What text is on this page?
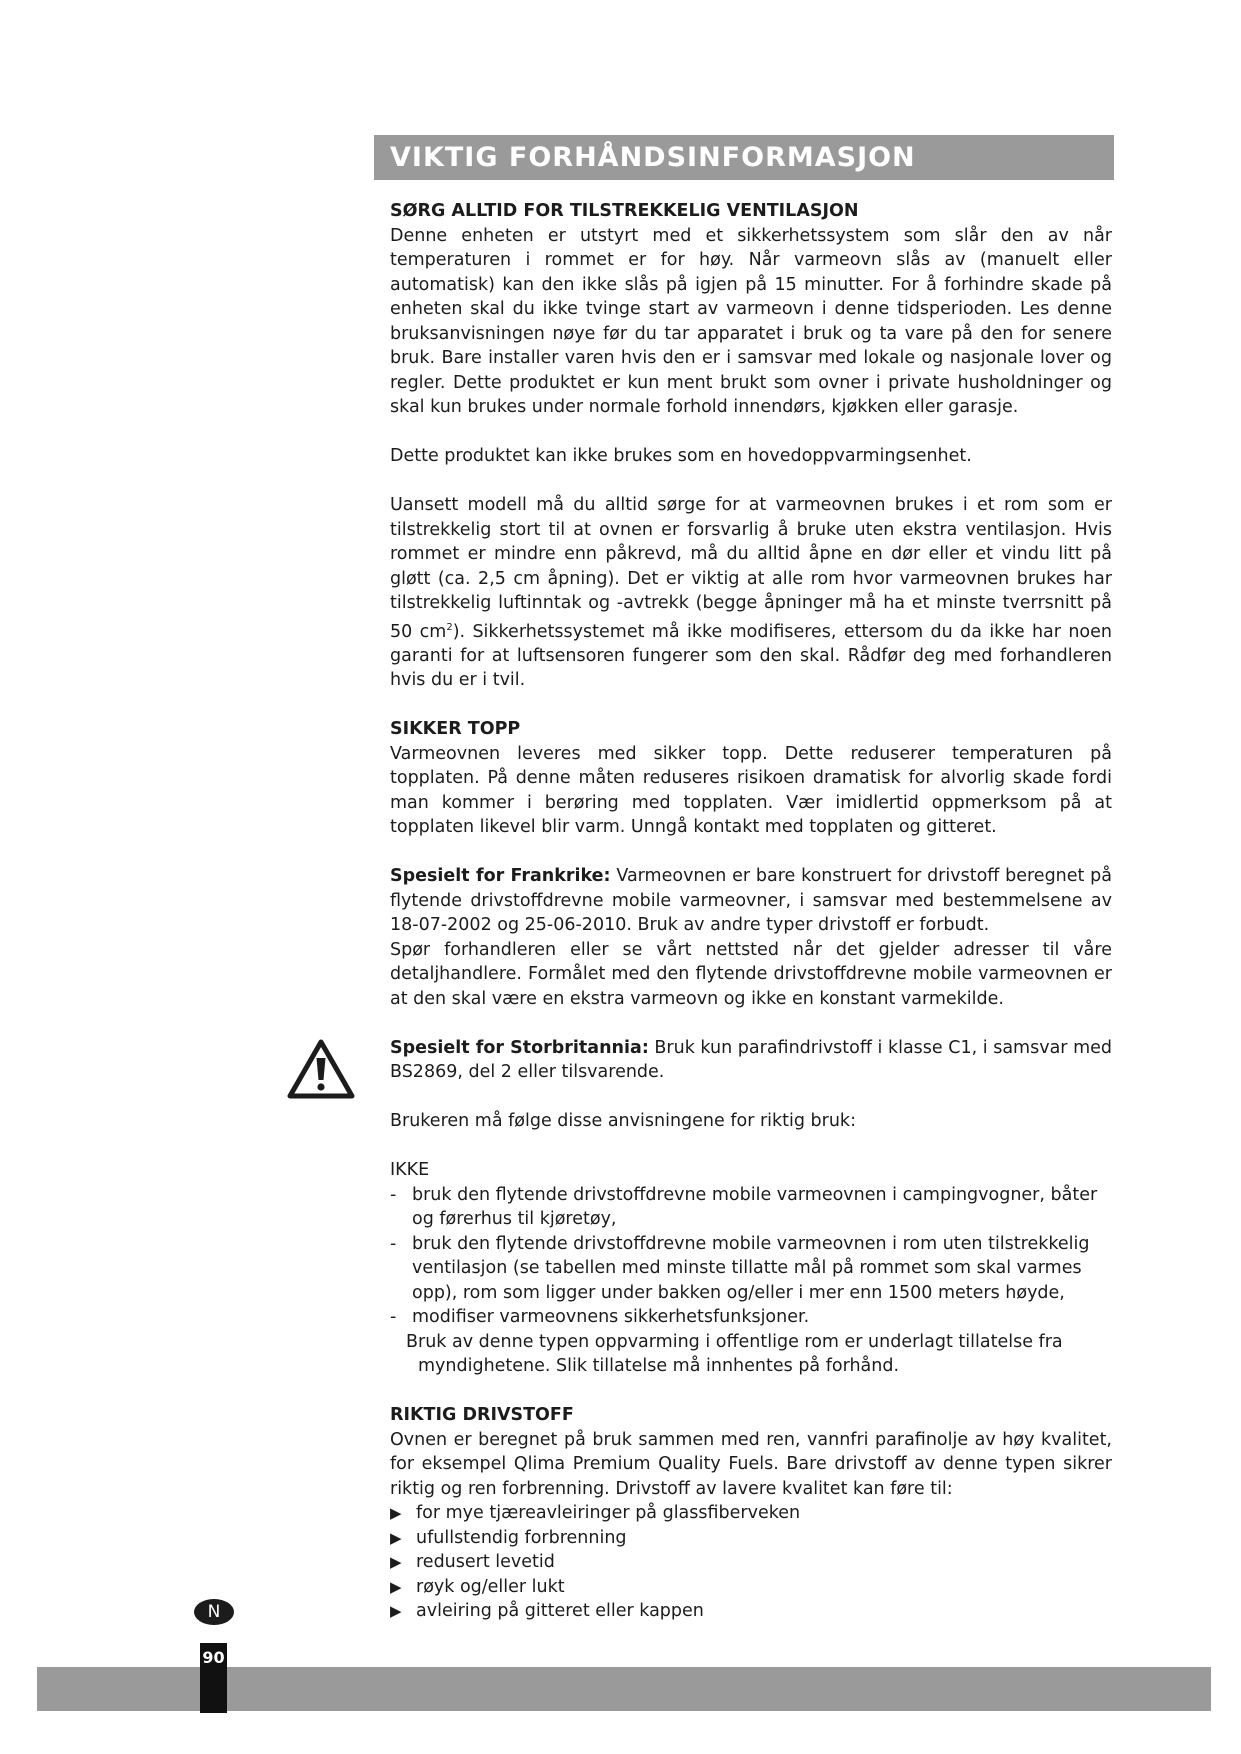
VIKTIG FORHÅNDSINFORMASJON
SØRG ALLTID FOR TILSTREKKELIG VENTILASJON

Denne enheten er utstyrt med et sikkerhetssystem som slår den av når temperaturen i rommet er for høy. Når varmeovn slås av (manuelt eller automatisk) kan den ikke slås på igjen på 15 minutter. For å forhindre skade på enheten skal du ikke tvinge start av varmeovn i denne tidsperioden. Les denne bruksanvisningen nøye før du tar apparatet i bruk og ta vare på den for senere bruk. Bare installer varen hvis den er i samsvar med lokale og nasjonale lover og regler. Dette produktet er kun ment brukt som ovner i private husholdninger og skal kun brukes under normale forhold innendørs, kjøkken eller garasje.

Dette produktet kan ikke brukes som en hovedoppvarmingsenhet.

Uansett modell må du alltid sørge for at varmeovnen brukes i et rom som er tilstrekkelig stort til at ovnen er forsvarlig å bruke uten ekstra ventilasjon. Hvis rommet er mindre enn påkrevd, må du alltid åpne en dør eller et vindu litt på gløtt (ca. 2,5 cm åpning). Det er viktig at alle rom hvor varmeovnen brukes har tilstrekkelig luftinntak og -avtrekk (begge åpninger må ha et minste tverrsnitt på 50 $cm^2$). Sikkerhetssystemet må ikke modifiseres, ettersom du da ikke har noen garanti for at luftsensoren fungerer som den skal. Rådfør deg med forhandleren hvis du er i tvil.

SIKKER TOPP

Varmeovnen leveres med sikker topp. Dette reduserer temperaturen på topplaten. På denne måten reduseres risikoen dramatisk for alvorlig skade fordi man kommer i berøring med topplaten. Vær imidlertid oppmerksom på at topplaten likevel blir varm. Unngå kontakt med topplaten og gitteret.

Spesielt for Frankrike: Varmeovnen er bare konstruert for drivstoff beregnet på flytende drivstoffdrevne mobile varmeovner, i samsvar med bestemmelsene av 18-07-2002 og 25-06-2010. Bruk av andre typer drivstoff er forbudt.

Spør forhandleren eller se vårt nettsted når det gjelder adresser til våre detaljhandlere. Formålet med den flytende drivstoffdrevne mobile varmeovnen er at den skal være en ekstra varmeovn og ikke en konstant varmekilde.

Spesielt for Storbritannia: Bruk kun parafindrivstoff i klasse C1, i samsvar med BS2869, del 2 eller tilsvarende.

Brukeren må følge disse anvisningene for riktig bruk:

IKKE

- bruk den flytende drivstoffdrevne mobile varmeovnen i campingvogner, båter og førerhus til kjøretøy,
- bruk den flytende drivstoffdrevne mobile varmeovnen i rom uten tilstrekkelig ventilasjon (se tabellen med minste tillatte mål på rommet som skal varmes opp), rom som ligger under bakken og/eller i mer enn 1500 meters høyde,
- modifiser varmeovnens sikkerhetsfunksjoner.

Bruk av denne typen oppvarming i offentlige rom er underlagt tillatelse fra

myndighetene. Slik tillatelse må innhentes på forhånd.

RIKTIG DRIVSTOFF

Ovnen er beregnet på bruk sammen med ren, vannfri parafinolje av høy kvalitet, for eksempel Qlima Premium Quality Fuels. Bare drivstoff av denne typen sikrer riktig og ren forbrenning. Drivstoff av lavere kvalitet kan føre til:

▶ for mye tjæreavleiringer på glassfiberveken
▶ ufullstendig forbrenning
▶ redusert levetid
▶ røyk og/eller lukt
▶ avleiring på gitteret eller kappen
N
90
